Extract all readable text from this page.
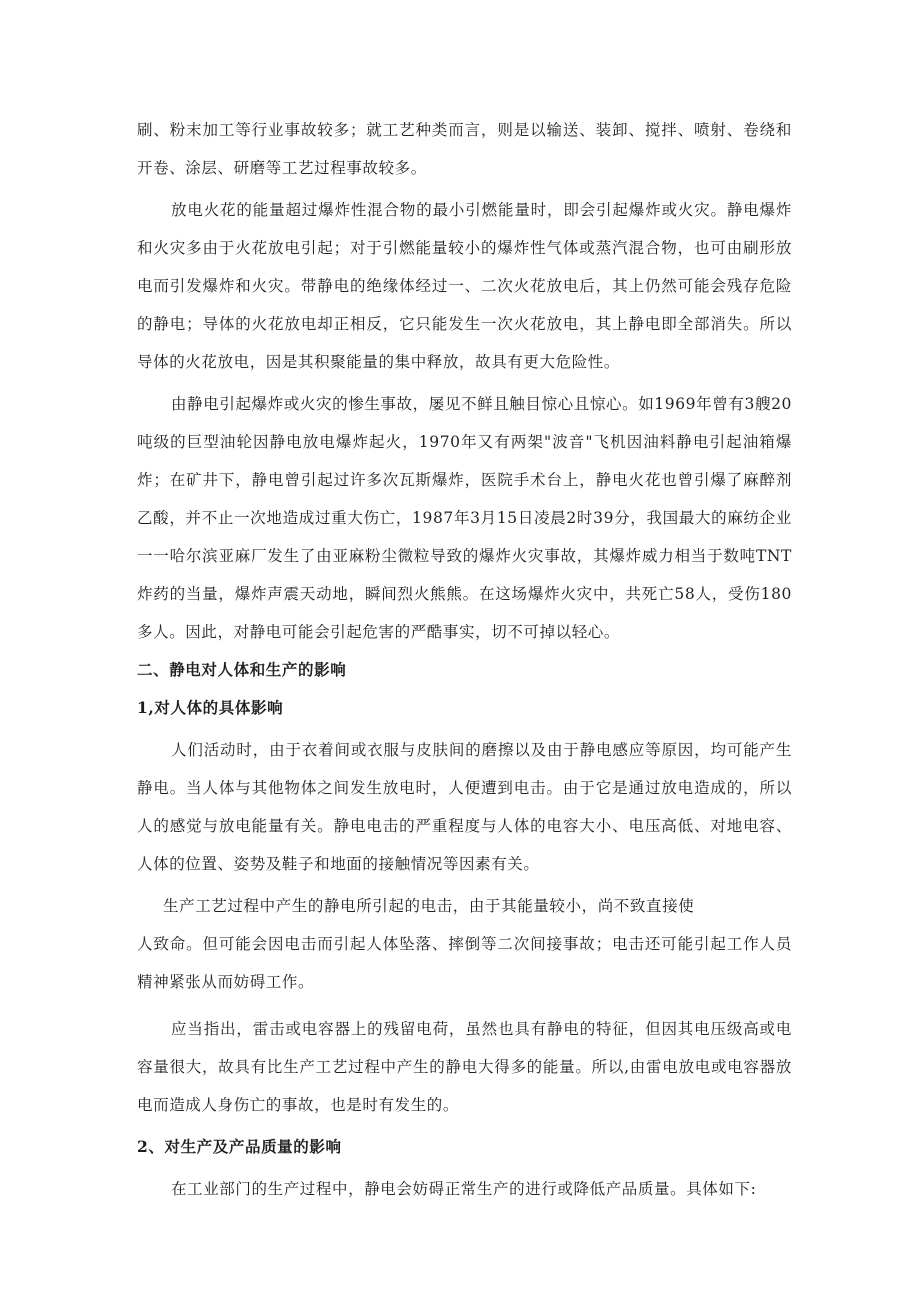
刷、粉末加工等行业事故较多；就工艺种类而言，则是以输送、装卸、搅拌、喷射、卷绕和开卷、涂层、研磨等工艺过程事故较多。

放电火花的能量超过爆炸性混合物的最小引燃能量时，即会引起爆炸或火灾。静电爆炸和火灾多由于火花放电引起；对于引燃能量较小的爆炸性气体或蒸汽混合物，也可由刷形放电而引发爆炸和火灾。带静电的绝缘体经过一、二次火花放电后，其上仍然可能会残存危险的静电；导体的火花放电却正相反，它只能发生一次火花放电，其上静电即全部消失。所以导体的火花放电，因是其积聚能量的集中释放，故具有更大危险性。

由静电引起爆炸或火灾的惨生事故，屡见不鲜且触目惊心且惊心。如1969年曾有3艘20吨级的巨型油轮因静电放电爆炸起火，1970年又有两架"波音"飞机因油料静电引起油箱爆炸；在矿井下，静电曾引起过许多次瓦斯爆炸，医院手术台上，静电火花也曾引爆了麻醉剂乙酸，并不止一次地造成过重大伤亡，1987年3月15日凌晨2时39分，我国最大的麻纺企业一一哈尔滨亚麻厂发生了由亚麻粉尘微粒导致的爆炸火灾事故，其爆炸威力相当于数吨TNT炸药的当量，爆炸声震天动地，瞬间烈火熊熊。在这场爆炸火灾中，共死亡58人，受伤180多人。因此，对静电可能会引起危害的严酷事实，切不可掉以轻心。

二、静电对人体和生产的影响

1,对人体的具体影响

人们活动时，由于衣着间或衣服与皮肤间的磨擦以及由于静电感应等原因，均可能产生静电。当人体与其他物体之间发生放电时，人便遭到电击。由于它是通过放电造成的，所以人的感觉与放电能量有关。静电电击的严重程度与人体的电容大小、电压高低、对地电容、人体的位置、姿势及鞋子和地面的接触情况等因素有关。

生产工艺过程中产生的静电所引起的电击，由于其能量较小，尚不致直接使

人致命。但可能会因电击而引起人体坠落、摔倒等二次间接事故；电击还可能引起工作人员精神紧张从而妨碍工作。

应当指出，雷击或电容器上的残留电荷，虽然也具有静电的特征，但因其电压级高或电容量很大，故具有比生产工艺过程中产生的静电大得多的能量。所以,由雷电放电或电容器放电而造成人身伤亡的事故，也是时有发生的。

2、对生产及产品质量的影响

在工业部门的生产过程中，静电会妨碍正常生产的进行或降低产品质量。具体如下:
